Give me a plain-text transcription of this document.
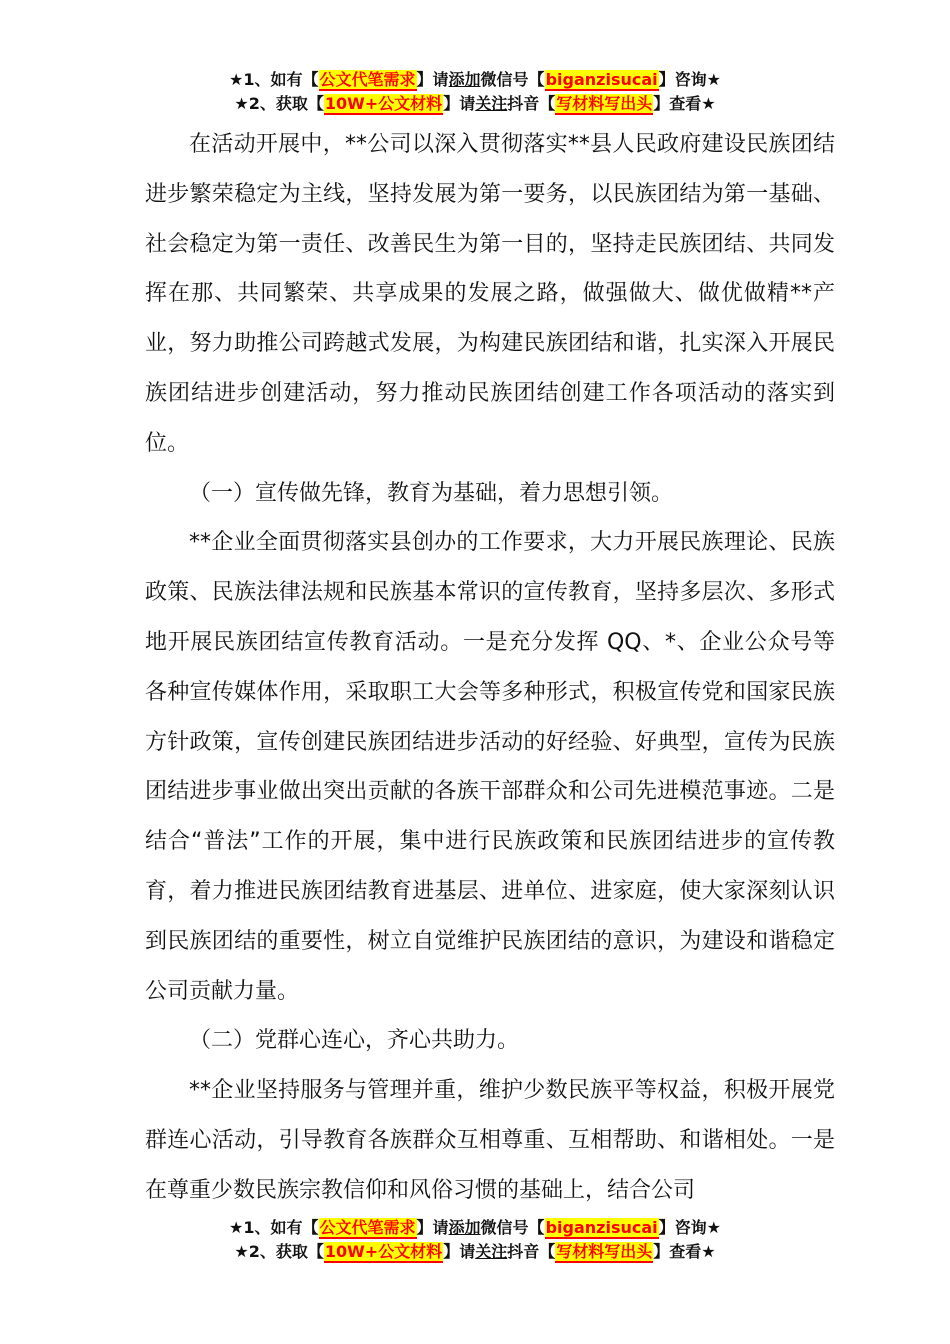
★1、如有【公文代笔需求】请添加微信号【biganzisucai】咨询★
★2、获取【10W+公文材料】请关注抖音【写材料写出头】查看★

在活动开展中，**公司以深入贯彻落实**县人民政府建设民族团结进步繁荣稳定为主线，坚持发展为第一要务，以民族团结为第一基础、社会稳定为第一责任、改善民生为第一目的，坚持走民族团结、共同发挥在那、共同繁荣、共享成果的发展之路，做强做大、做优做精**产业，努力助推公司跨越式发展，为构建民族团结和谐，扎实深入开展民族团结进步创建活动，努力推动民族团结创建工作各项活动的落实到位。

（一）宣传做先锋，教育为基础，着力思想引领。

**企业全面贯彻落实县创办的工作要求，大力开展民族理论、民族政策、民族法律法规和民族基本常识的宣传教育，坚持多层次、多形式地开展民族团结宣传教育活动。一是充分发挥 QQ、*、企业公众号等各种宣传媒体作用，采取职工大会等多种形式，积极宣传党和国家民族方针政策，宣传创建民族团结进步活动的好经验、好典型，宣传为民族团结进步事业做出突出贡献的各族干部群众和公司先进模范事迹。二是结合“普法”工作的开展，集中进行民族政策和民族团结进步的宣传教育，着力推进民族团结教育进基层、进单位、进家庭，使大家深刻认识到民族团结的重要性，树立自觉维护民族团结的意识，为建设和谐稳定公司贡献力量。

（二）党群心连心，齐心共助力。

**企业坚持服务与管理并重，维护少数民族平等权益，积极开展党群连心活动，引导教育各族群众互相尊重、互相帮助、和谐相处。一是在尊重少数民族宗教信仰和风俗习惯的基础上，结合公司

★1、如有【公文代笔需求】请添加微信号【biganzisucai】咨询★
★2、获取【10W+公文材料】请关注抖音【写材料写出头】查看★
